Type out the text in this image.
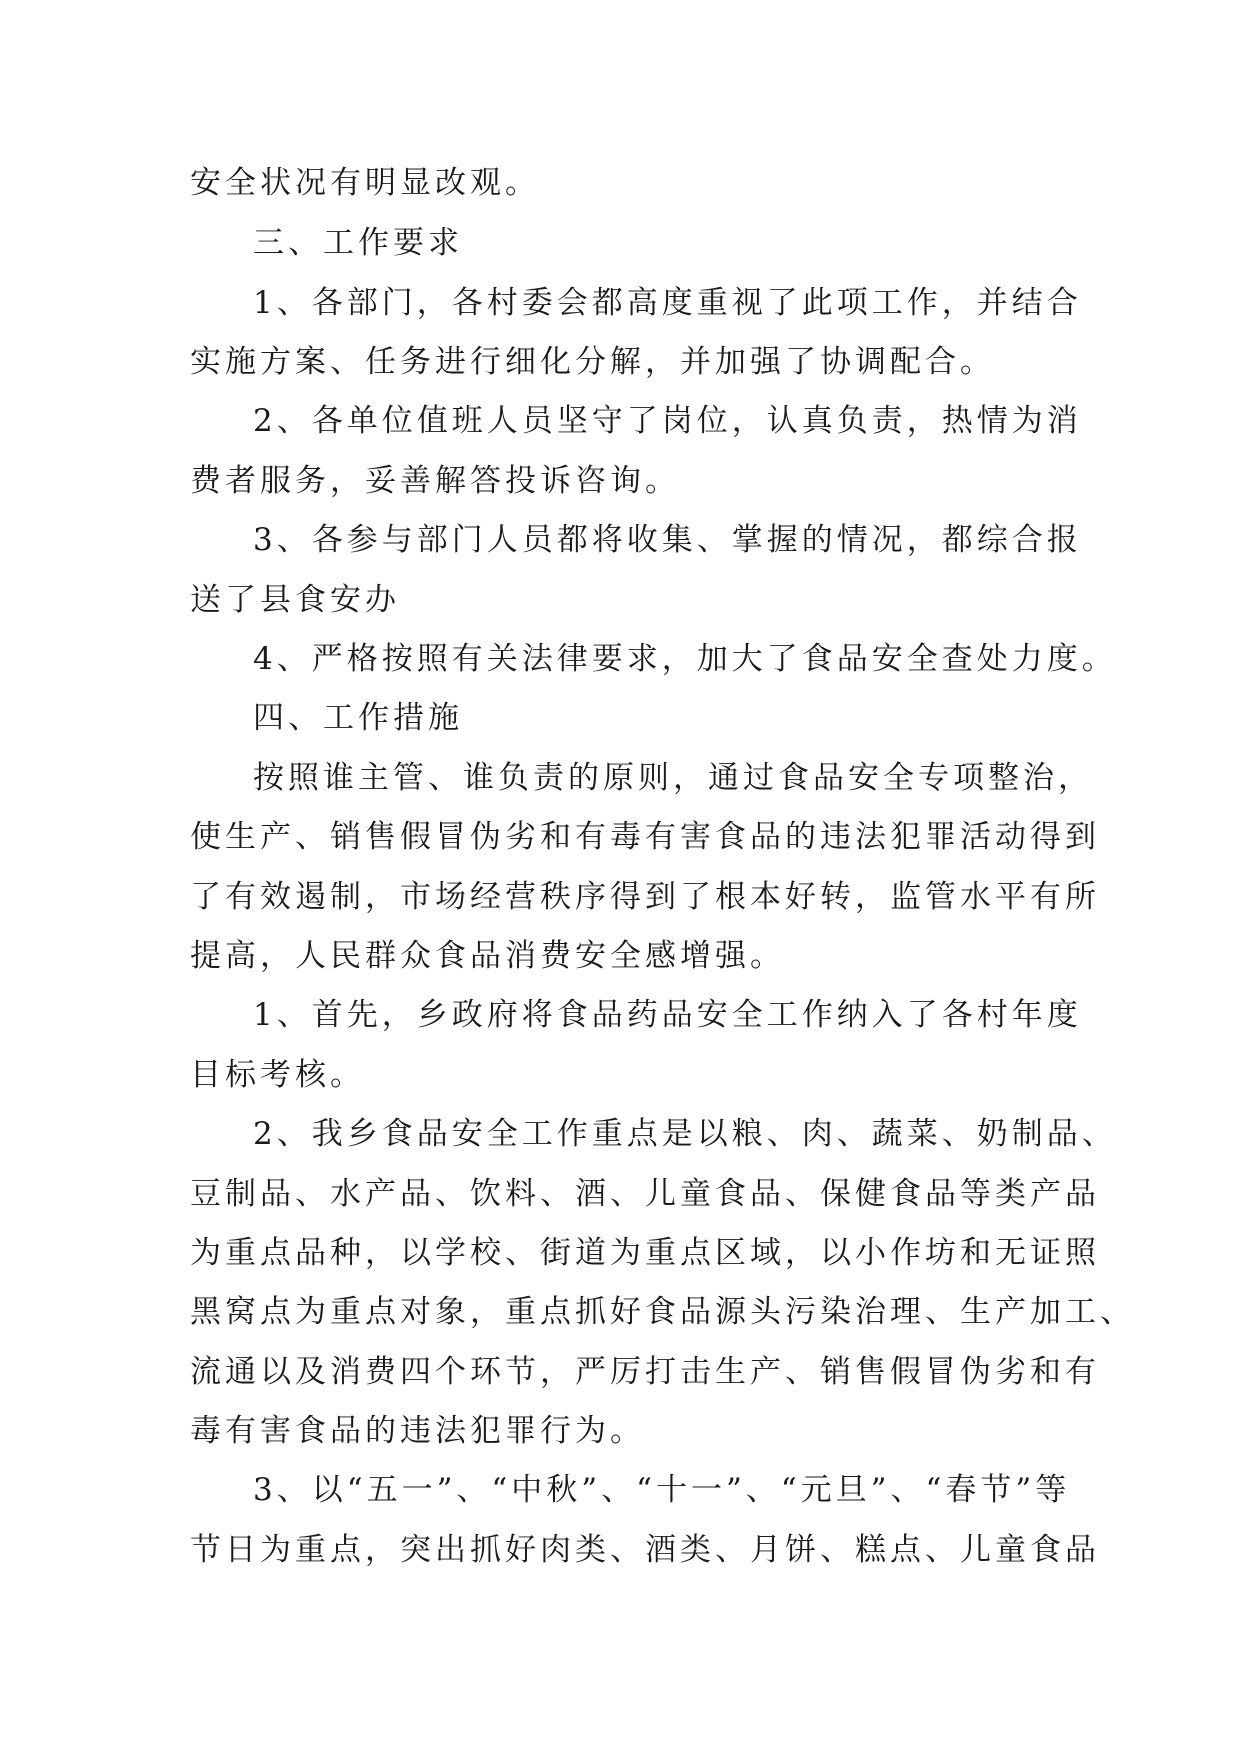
安全状况有明显改观。
三、工作要求
1、各部门，各村委会都高度重视了此项工作，并结合
实施方案、任务进行细化分解，并加强了协调配合。
2、各单位值班人员坚守了岗位，认真负责，热情为消
费者服务，妥善解答投诉咨询。
3、各参与部门人员都将收集、掌握的情况，都综合报
送了县食安办
4、严格按照有关法律要求，加大了食品安全查处力度。
四、工作措施
按照谁主管、谁负责的原则，通过食品安全专项整治，
使生产、销售假冒伪劣和有毒有害食品的违法犯罪活动得到
了有效遏制，市场经营秩序得到了根本好转，监管水平有所
提高，人民群众食品消费安全感增强。
1、首先，乡政府将食品药品安全工作纳入了各村年度
目标考核。
2、我乡食品安全工作重点是以粮、肉、蔬菜、奶制品、
豆制品、水产品、饮料、酒、儿童食品、保健食品等类产品
为重点品种，以学校、街道为重点区域，以小作坊和无证照
黑窝点为重点对象，重点抓好食品源头污染治理、生产加工、
流通以及消费四个环节，严厉打击生产、销售假冒伪劣和有
毒有害食品的违法犯罪行为。
3、以“五一”、“中秋”、“十一”、“元旦”、“春节”等
节日为重点，突出抓好肉类、酒类、月饼、糕点、儿童食品
